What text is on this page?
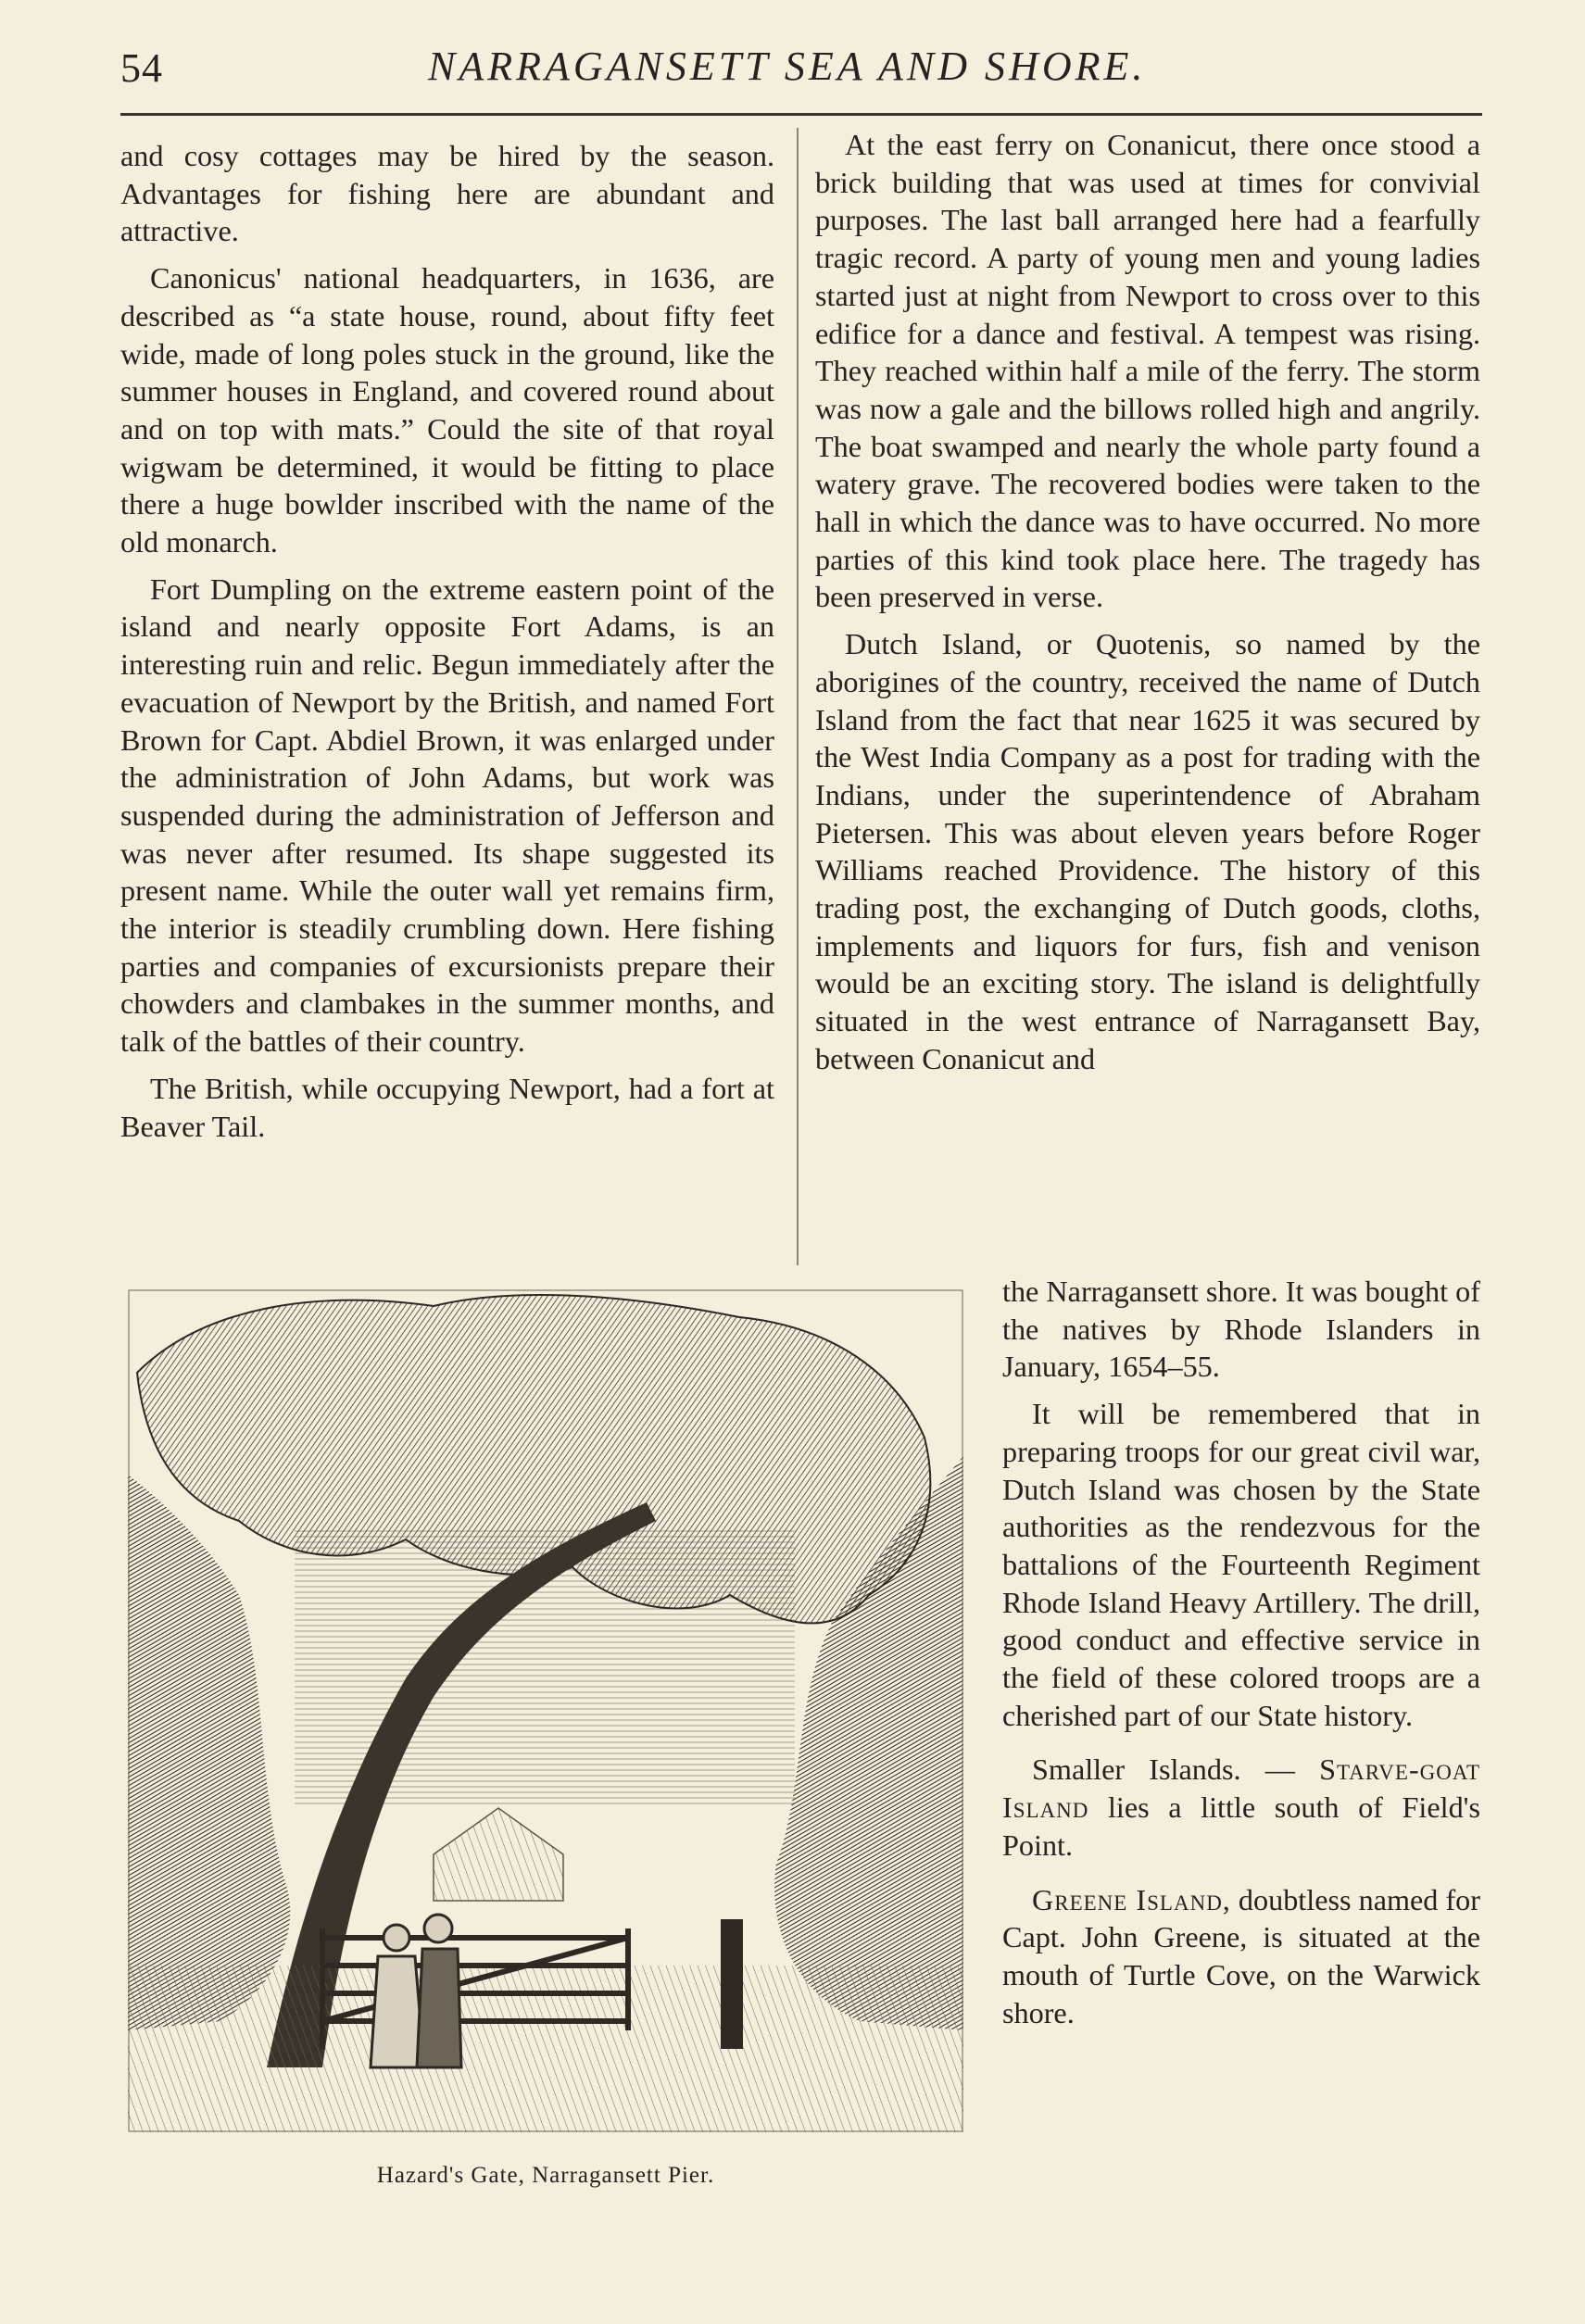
54	NARRAGANSETT SEA AND SHORE.

and cosy cottages may be hired by the season. Advantages for fishing here are abundant and attractive.

Canonicus' national headquarters, in 1636, are described as “a state house, round, about fifty feet wide, made of long poles stuck in the ground, like the summer houses in England, and covered round about and on top with mats.” Could the site of that royal wigwam be determined, it would be fitting to place there a huge bowlder inscribed with the name of the old monarch.

Fort Dumpling on the extreme eastern point of the island and nearly opposite Fort Adams, is an interesting ruin and relic. Begun immediately after the evacuation of Newport by the British, and named Fort Brown for Capt. Abdiel Brown, it was enlarged under the administration of John Adams, but work was suspended during the administration of Jefferson and was never after resumed. Its shape suggested its present name. While the outer wall yet remains firm, the interior is steadily crumbling down. Here fishing parties and companies of excursionists prepare their chowders and clambakes in the summer months, and talk of the battles of their country.

The British, while occupying Newport, had a fort at Beaver Tail.

At the east ferry on Conanicut, there once stood a brick building that was used at times for convivial purposes. The last ball arranged here had a fearfully tragic record. A party of young men and young ladies started just at night from Newport to cross over to this edifice for a dance and festival. A tempest was rising. They reached within half a mile of the ferry. The storm was now a gale and the billows rolled high and angrily. The boat swamped and nearly the whole party found a watery grave. The recovered bodies were taken to the hall in which the dance was to have occurred. No more parties of this kind took place here. The tragedy has been preserved in verse.

Dutch Island, or Quotenis, so named by the aborigines of the country, received the name of Dutch Island from the fact that near 1625 it was secured by the West India Company as a post for trading with the Indians, under the superintendence of Abraham Pietersen. This was about eleven years before Roger Williams reached Providence. The history of this trading post, the exchanging of Dutch goods, cloths, implements and liquors for furs, fish and venison would be an exciting story. The island is delightfully situated in the west entrance of Narragansett Bay, between Conanicut and

the Narragansett shore. It was bought of the natives by Rhode Islanders in January, 1654–55.

It will be remembered that in preparing troops for our great civil war, Dutch Island was chosen by the State authorities as the rendezvous for the battalions of the Fourteenth Regiment Rhode Island Heavy Artillery. The drill, good conduct and effective service in the field of these colored troops are a cherished part of our State history.

Smaller Islands. — Starve-goat Island lies a little south of Field's Point.

Greene Island, doubtless named for Capt. John Greene, is situated at the mouth of Turtle Cove, on the Warwick shore.

Hazard's Gate, Narragansett Pier.
